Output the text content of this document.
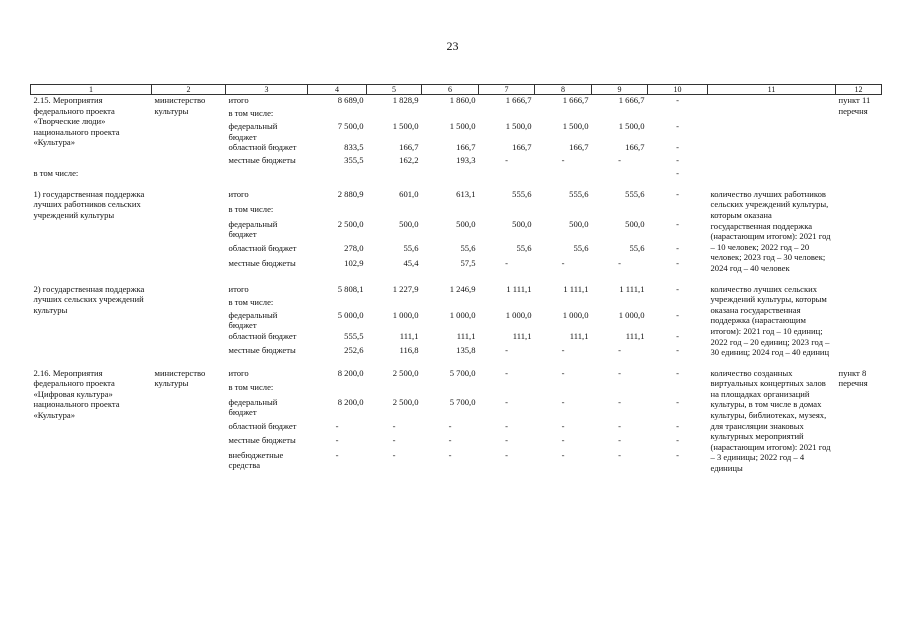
23
1	2	3	4	5	6	7	8	9	10	11	12
2.15. Мероприятия федерального проекта «Творческие люди» национального проекта «Культура»	министерство культуры	итого	8 689,0	1 828,9	1 860,0	1 666,7	1 666,7	1 666,7	-		пункт 11 перечня
		в том числе:									
		федеральный бюджет	7 500,0	1 500,0	1 500,0	1 500,0	1 500,0	1 500,0	-		
		областной бюджет	833,5	166,7	166,7	166,7	166,7	166,7	-		
		местные бюджеты	355,5	162,2	193,3	-	-	-	-		
в том числе:									-		

1) государственная поддержка лучших работников сельских учреждений культуры		итого	2 880,9	601,0	613,1	555,6	555,6	555,6	-	количество лучших работников сельских учреждений культуры, которым оказана государственная поддержка (нарастающим итогом): 2021 год – 10 человек; 2022 год – 20 человек; 2023 год – 30 человек; 2024 год – 40 человек	
		в том числе:									
		федеральный бюджет	2 500,0	500,0	500,0	500,0	500,0	500,0	-		
		областной бюджет	278,0	55,6	55,6	55,6	55,6	55,6	-		
		местные бюджеты	102,9	45,4	57,5	-	-	-	-		

2) государственная поддержка лучших сельских учреждений культуры		итого	5 808,1	1 227,9	1 246,9	1 111,1	1 111,1	1 111,1	-	количество лучших сельских учреждений культуры, которым оказана государственная поддержка (нарастающим итогом): 2021 год – 10 единиц; 2022 год – 20 единиц; 2023 год – 30 единиц; 2024 год – 40 единиц	
		в том числе:									
		федеральный бюджет	5 000,0	1 000,0	1 000,0	1 000,0	1 000,0	1 000,0	-		
		областной бюджет	555,5	111,1	111,1	111,1	111,1	111,1	-		
		местные бюджеты	252,6	116,8	135,8	-	-	-	-		

2.16. Мероприятия федерального проекта «Цифровая культура» национального проекта «Культура»	министерство культуры	итого	8 200,0	2 500,0	5 700,0	-	-	-	-	количество созданных виртуальных концертных залов на площадках организаций культуры, в том числе в домах культуры, библиотеках, музеях, для трансляции знаковых культурных мероприятий (нарастающим итогом): 2021 год – 3 единицы; 2022 год – 4 единицы	пункт 8 перечня
		в том числе:									
		федеральный бюджет	8 200,0	2 500,0	5 700,0	-	-	-	-		
		областной бюджет	-	-	-	-	-	-	-		
		местные бюджеты	-	-	-	-	-	-	-		
		внебюджетные средства	-	-	-	-	-	-	-		
